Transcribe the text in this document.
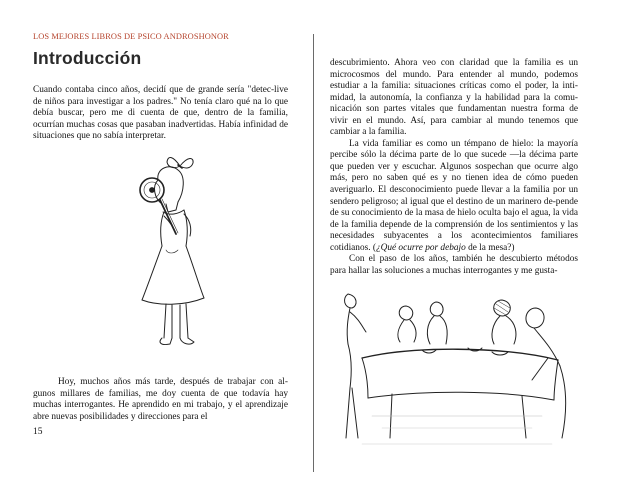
LOS MEJORES LIBROS DE PSICO ANDROSHONOR
Introducción

Cuando contaba cinco años, decidí que de grande sería "detec-live de niños para investigar a los padres." No tenía claro qué na lo que debía buscar, pero me di cuenta de que, dentro de la familia, ocurrían muchas cosas que pasaban inadvertidas. Había infinidad de situaciones que no sabía interpretar.

Hoy, muchos años más tarde, después de trabajar con al-gunos millares de familias, me doy cuenta de que todavía hay muchas interrogantes. He aprendido en mi trabajo, y el aprendizaje abre nuevas posibilidades y direcciones para el

15

descubrimiento. Ahora veo con claridad que la familia es un microcosmos del mundo. Para entender al mundo, podemos estudiar a la familia: situaciones críticas como el poder, la inti-midad, la autonomía, la confianza y la habilidad para la comu-nicación son partes vitales que fundamentan nuestra forma de vivir en el mundo. Así, para cambiar al mundo tenemos que cambiar a la familia.

La vida familiar es como un témpano de hielo: la mayoría percibe sólo la décima parte de lo que sucede —la décima parte que pueden ver y escuchar. Algunos sospechan que ocurre algo más, pero no saben qué es y no tienen idea de cómo pueden averiguarlo. El desconocimiento puede llevar a la familia por un sendero peligroso; al igual que el destino de un marinero de-pende de su conocimiento de la masa de hielo oculta bajo el agua, la vida de la familia depende de la comprensión de los sentimientos y las necesidades subyacentes a los acontecimientos familiares cotidianos. (¿Qué ocurre por debajo de la mesa?)

Con el paso de los años, también he descubierto métodos para hallar las soluciones a muchas interrogantes y me gusta-
